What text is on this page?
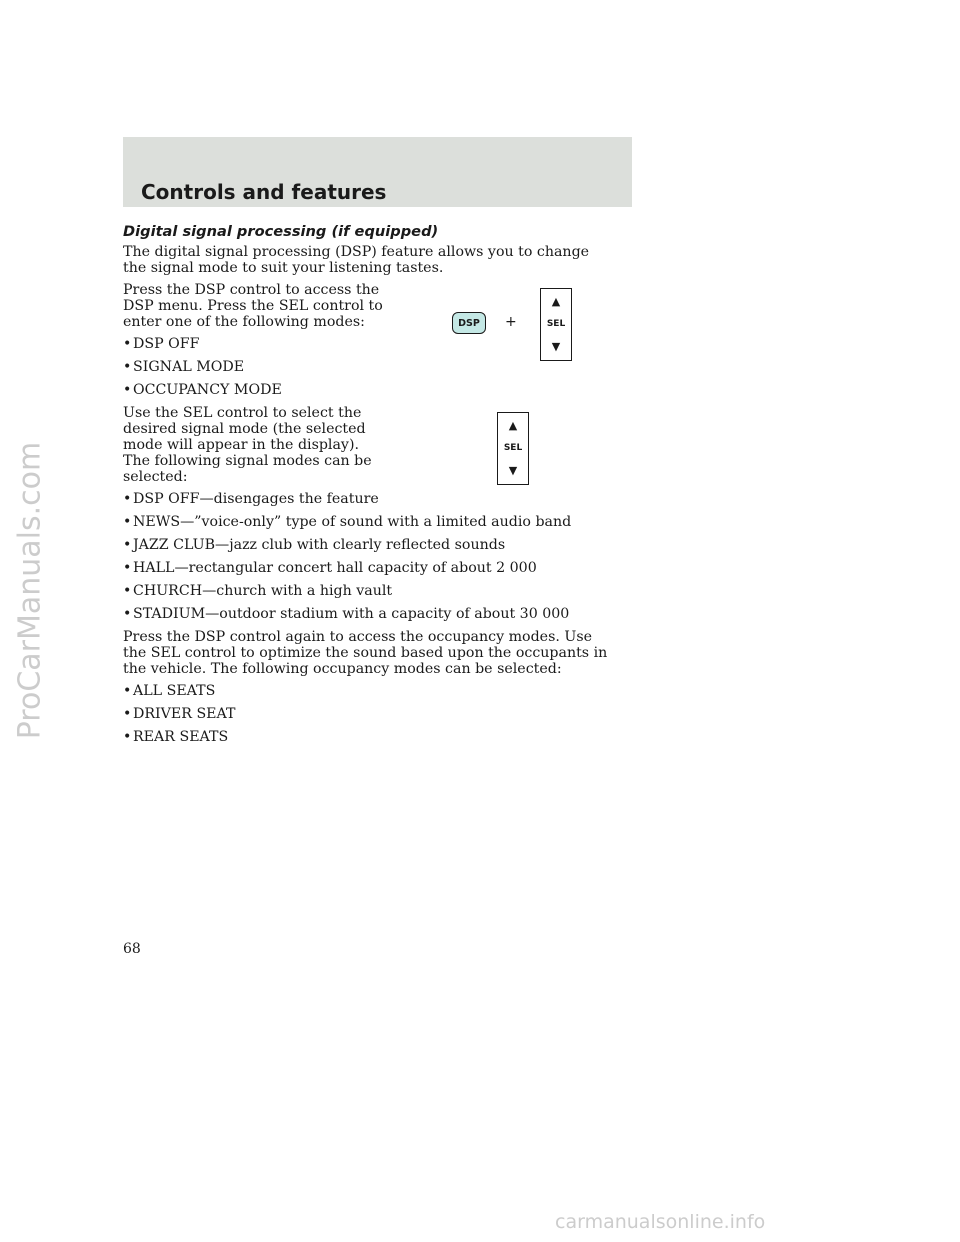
ProCarManuals.com
Controls and features
Digital signal processing (if equipped)

The digital signal processing (DSP) feature allows you to change the signal mode to suit your listening tastes.

Press the DSP control to access the DSP menu. Press the SEL control to enter one of the following modes:

• DSP OFF
• SIGNAL MODE
• OCCUPANCY MODE

Use the SEL control to select the desired signal mode (the selected mode will appear in the display). The following signal modes can be selected:

• DSP OFF—disengages the feature
• NEWS—”voice-only” type of sound with a limited audio band
• JAZZ CLUB—jazz club with clearly reflected sounds
• HALL—rectangular concert hall capacity of about 2 000
• CHURCH—church with a high vault
• STADIUM—outdoor stadium with a capacity of about 30 000

Press the DSP control again to access the occupancy modes. Use the SEL control to optimize the sound based upon the occupants in the vehicle. The following occupancy modes can be selected:

• ALL SEATS
• DRIVER SEAT
• REAR SEATS
DSP +
▲
SEL
▼
▲
SEL
▼

68

carmanualsonline.info
